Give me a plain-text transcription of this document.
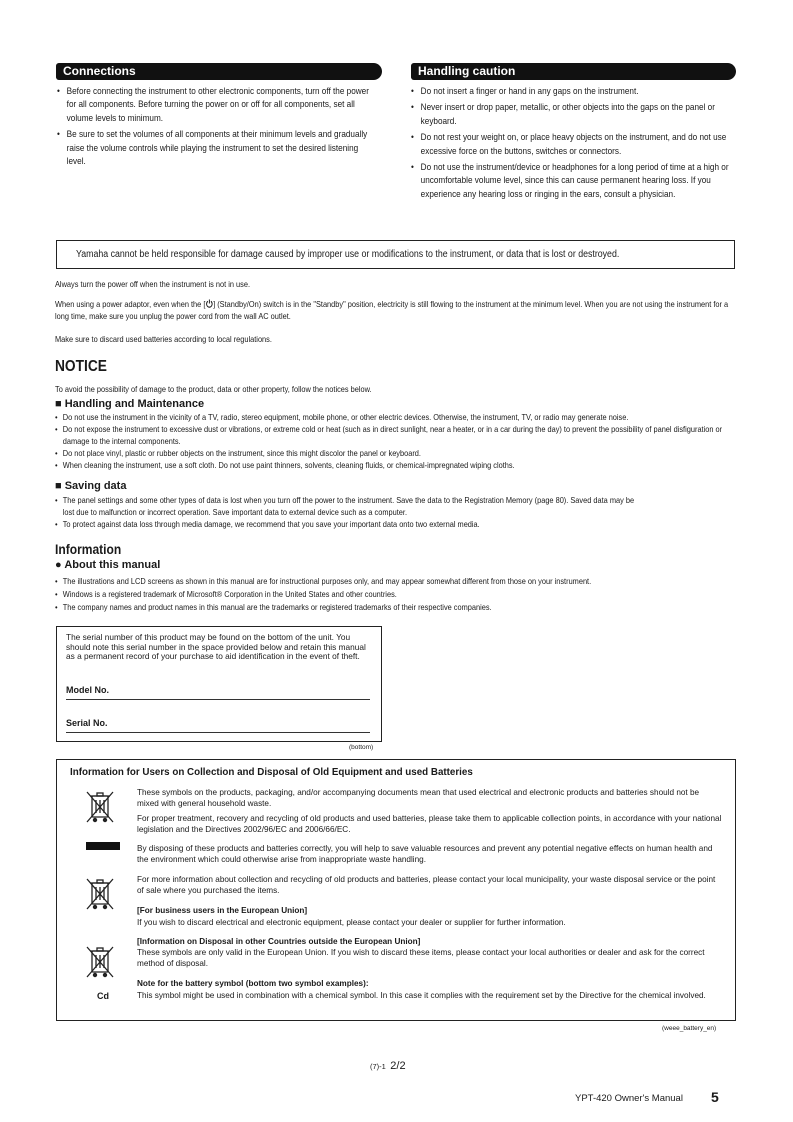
Connections
• Before connecting the instrument to other electronic components, turn off the power for all components. Before turning the power on or off for all components, set all volume levels to minimum.
• Be sure to set the volumes of all components at their minimum levels and gradually raise the volume controls while playing the instrument to set the desired listening level.
Handling caution
• Do not insert a finger or hand in any gaps on the instrument.
• Never insert or drop paper, metallic, or other objects into the gaps on the panel or keyboard.
• Do not rest your weight on, or place heavy objects on the instrument, and do not use excessive force on the buttons, switches or connectors.
• Do not use the instrument/device or headphones for a long period of time at a high or uncomfortable volume level, since this can cause permanent hearing loss. If you experience any hearing loss or ringing in the ears, consult a physician.
Yamaha cannot be held responsible for damage caused by improper use or modifications to the instrument, or data that is lost or destroyed.
Always turn the power off when the instrument is not in use.
When using a power adaptor, even when the [ ] (Standby/On) switch is in the "Standby" position, electricity is still flowing to the instrument at the minimum level. When you are not using the instrument for a long time, make sure you unplug the power cord from the wall AC outlet.
Make sure to discard used batteries according to local regulations.
NOTICE
To avoid the possibility of damage to the product, data or other property, follow the notices below.
■ Handling and Maintenance
• Do not use the instrument in the vicinity of a TV, radio, stereo equipment, mobile phone, or other electric devices. Otherwise, the instrument, TV, or radio may generate noise.
• Do not expose the instrument to excessive dust or vibrations, or extreme cold or heat (such as in direct sunlight, near a heater, or in a car during the day) to prevent the possibility of panel disfiguration or damage to the internal components.
• Do not place vinyl, plastic or rubber objects on the instrument, since this might discolor the panel or keyboard.
• When cleaning the instrument, use a soft cloth. Do not use paint thinners, solvents, cleaning fluids, or chemical-impregnated wiping cloths.
■ Saving data
• The panel settings and some other types of data is lost when you turn off the power to the instrument. Save the data to the Registration Memory (page 80). Saved data may be lost due to malfunction or incorrect operation. Save important data to external device such as a computer.
• To protect against data loss through media damage, we recommend that you save your important data onto two external media.
Information
● About this manual
• The illustrations and LCD screens as shown in this manual are for instructional purposes only, and may appear somewhat different from those on your instrument.
• Windows is a registered trademark of Microsoft® Corporation in the United States and other countries.
• The company names and product names in this manual are the trademarks or registered trademarks of their respective companies.
The serial number of this product may be found on the bottom of the unit. You should note this serial number in the space provided below and retain this manual as a permanent record of your purchase to aid identification in the event of theft.
Model No.
Serial No.
(bottom)
Information for Users on Collection and Disposal of Old Equipment and used Batteries
Cd
These symbols on the products, packaging, and/or accompanying documents mean that used electrical and electronic products and batteries should not be mixed with general household waste.
For proper treatment, recovery and recycling of old products and used batteries, please take them to applicable collection points, in accordance with your national legislation and the Directives 2002/96/EC and 2006/66/EC.
By disposing of these products and batteries correctly, you will help to save valuable resources and prevent any potential negative effects on human health and the environment which could otherwise arise from inappropriate waste handling.
For more information about collection and recycling of old products and batteries, please contact your local municipality, your waste disposal service or the point of sale where you purchased the items.
[For business users in the European Union]
If you wish to discard electrical and electronic equipment, please contact your dealer or supplier for further information.
[Information on Disposal in other Countries outside the European Union]
These symbols are only valid in the European Union. If you wish to discard these items, please contact your local authorities or dealer and ask for the correct method of disposal.
Note for the battery symbol (bottom two symbol examples):
This symbol might be used in combination with a chemical symbol. In this case it complies with the requirement set by the Directive for the chemical involved.
(weee_battery_en)
(7)-1 2/2
YPT-420 Owner's Manual 5
